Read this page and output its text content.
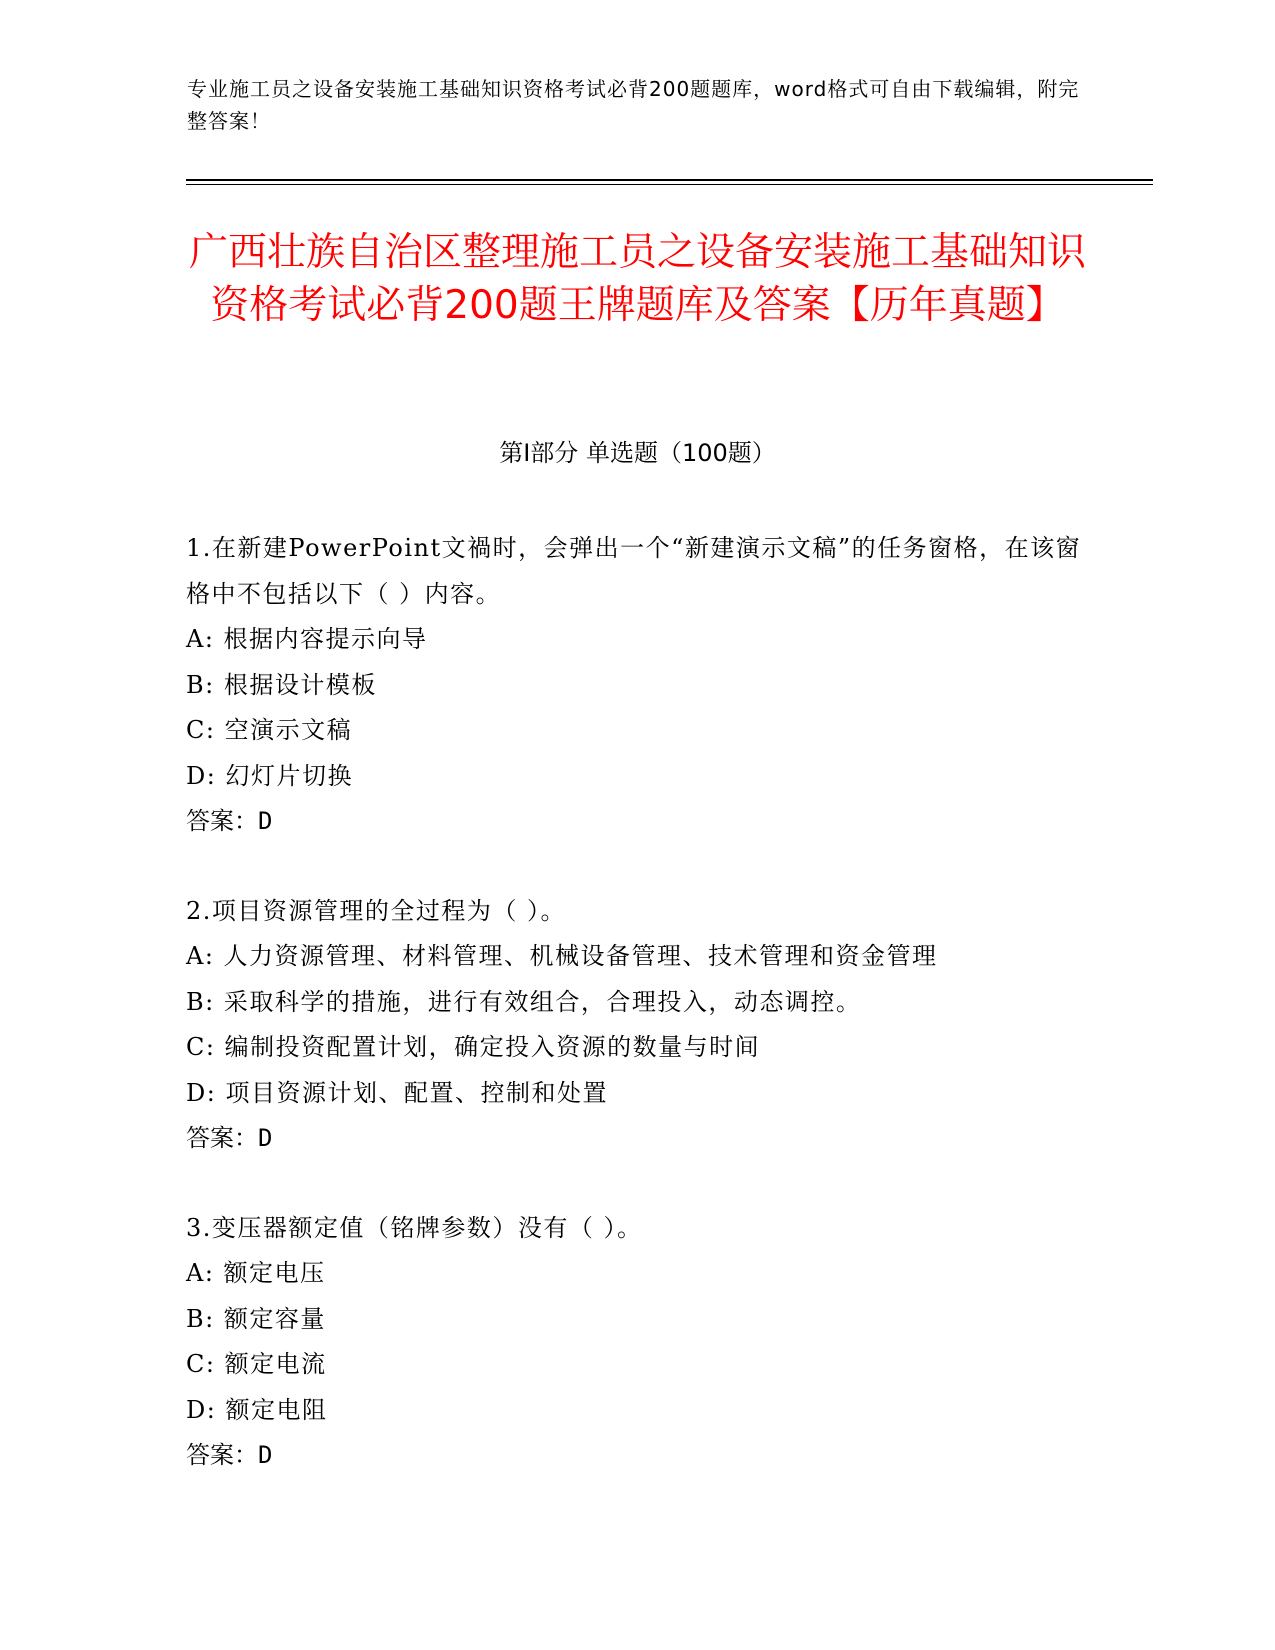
专业施工员之设备安装施工基础知识资格考试必背200题题库，word格式可自由下载编辑，附完整答案！
广西壮族自治区整理施工员之设备安装施工基础知识资格考试必背200题王牌题库及答案【历年真题】
第I部分 单选题（100题）

1.在新建PowerPoint文禍时，会弹出一个“新建演示文稿”的任务窗格，在该窗格中不包括以下（ ）内容。

A: 根据内容提示向导

B: 根据设计模板

C: 空演示文稿

D: 幻灯片切换

答案：D

2.项目资源管理的全过程为（ ）。

A: 人力资源管理、材料管理、机械设备管理、技术管理和资金管理

B: 采取科学的措施，进行有效组合，合理投入，动态调控。

C: 编制投资配置计划，确定投入资源的数量与时间

D: 项目资源计划、配置、控制和处置

答案：D

3.变压器额定值（铭牌参数）没有（ ）。

A: 额定电压

B: 额定容量

C: 额定电流

D: 额定电阻

答案：D
